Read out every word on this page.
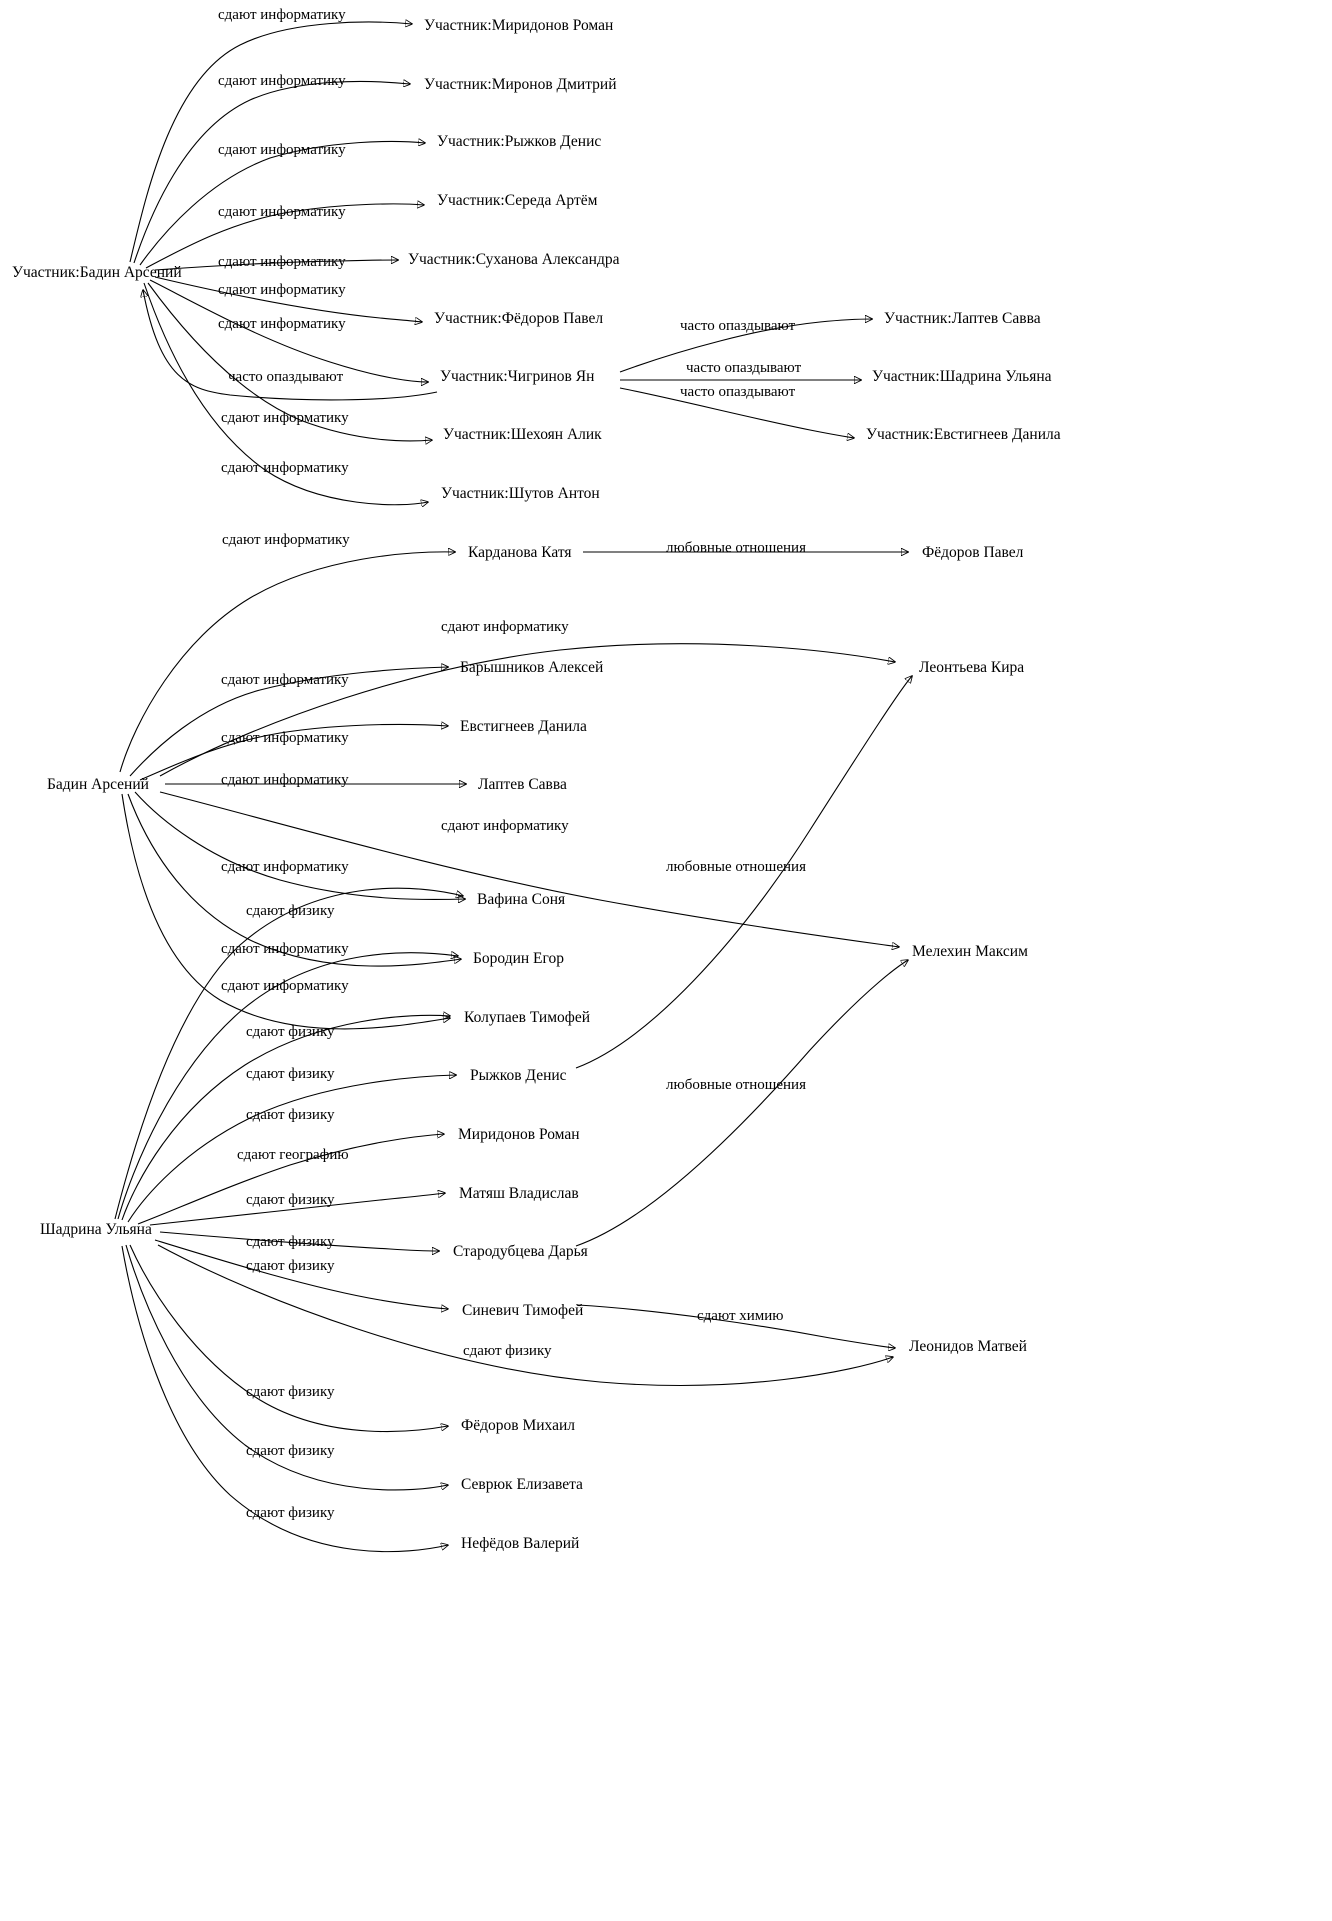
Участник:Бадин Арсений
Участник:Миридонов Роман
Участник:Миронов Дмитрий
Участник:Рыжков Денис
Участник:Середа Артём
Участник:Суханова Александра
Участник:Фёдоров Павел
Участник:Чигринов Ян
Участник:Шехоян Алик
Участник:Шутов Антон
Участник:Лаптев Савва
Участник:Шадрина Ульяна
Участник:Евстигнеев Данила
Бадин Арсений
Карданова Катя	Фёдоров Павел
Леонтьева Кира
Барышников Алексей
Евстигнеев Данила
Лаптев Савва
Вафина Соня
Мелехин Максим
Бородин Егор
Колупаев Тимофей
Рыжков Денис
Миридонов Роман
Матяш Владислав
Шадрина Ульяна
Стародубцева Дарья
Синевич Тимофей
Леонидов Матвей
Фёдоров Михаил
Севрюк Елизавета
Нефёдов Валерий
сдают информатику
сдают информатику
сдают информатику
сдают информатику
сдают информатику
сдают информатику
сдают информатику
часто опаздывают
сдают информатику
сдают информатику
часто опаздывают
часто опаздывают
часто опаздывают
сдают информатику	любовные отношения
сдают информатику
сдают информатику
сдают информатику
сдают информатику
сдают информатику
сдают информатику	любовные отношения
сдают физику
сдают информатику
сдают информатику
сдают физику
сдают физику
любовные отношения
сдают физику
сдают географию
сдают физику
сдают физику
сдают физику
сдают химию
сдают физику
сдают физику
сдают физику
сдают физику
